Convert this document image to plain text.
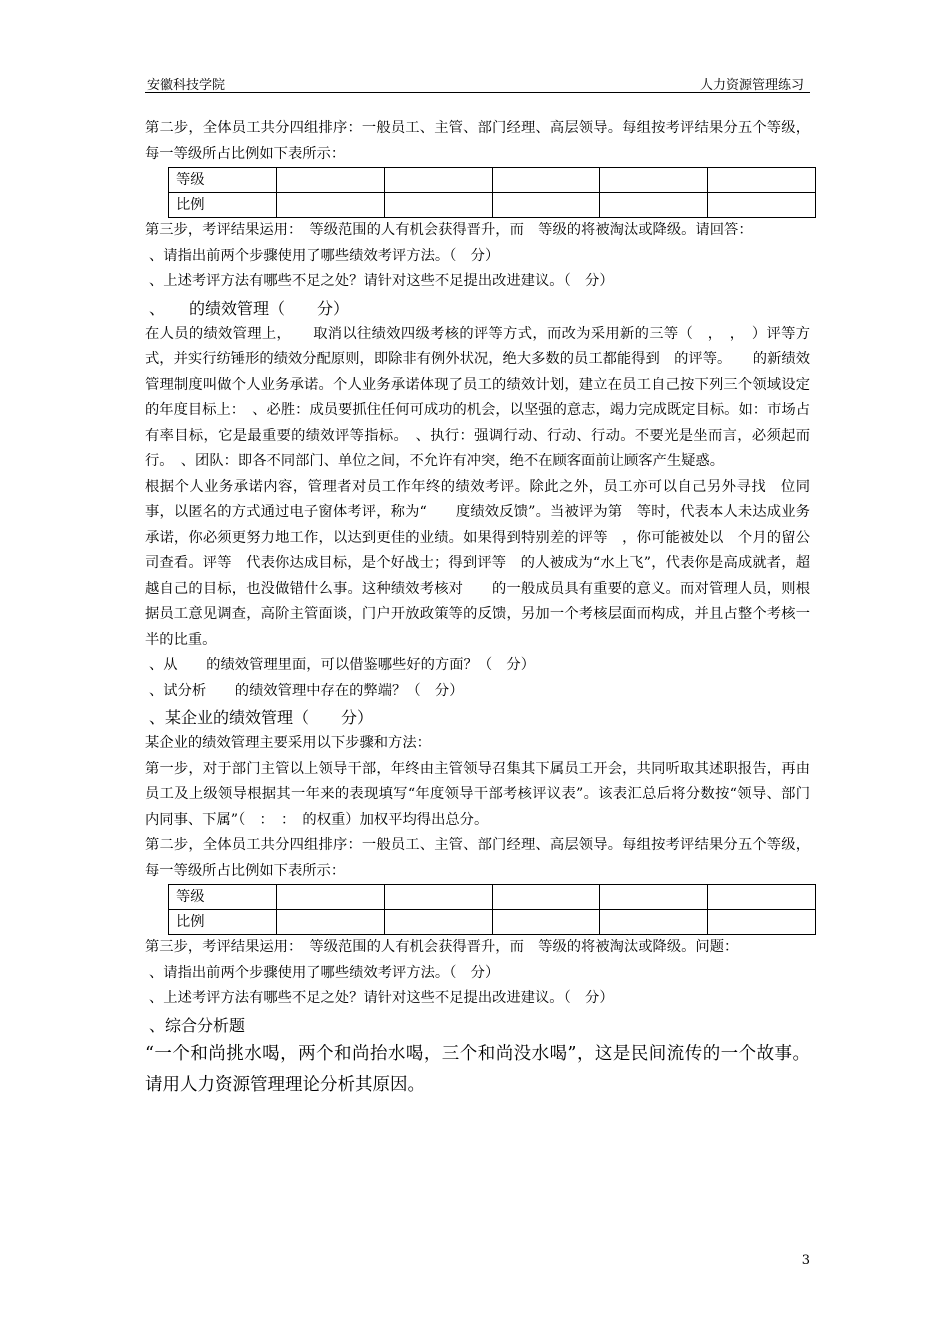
安徽科技学院	人力资源管理练习

第二步，全体员工共分四组排序：一般员工、主管、部门经理、高层领导。每组按考评结果分五个等级，每一等级所占比例如下表所示：

等级					
比例					

第三步，考评结果运用：　等级范围的人有机会获得晋升，而　等级的将被淘汰或降级。请回答：

、请指出前两个步骤使用了哪些绩效考评方法。（　分）

、上述考评方法有哪些不足之处？请针对这些不足提出改进建议。（　分）

、　　的绩效管理（　　分）

在人员的绩效管理上，　　取消以往绩效四级考核的评等方式，而改为采用新的三等（　，　，　）评等方式，并实行纺锤形的绩效分配原则，即除非有例外状况，绝大多数的员工都能得到　的评等。　　的新绩效管理制度叫做个人业务承诺。个人业务承诺体现了员工的绩效计划，建立在员工自己按下列三个领域设定的年度目标上：　、必胜：成员要抓住任何可成功的机会，以坚强的意志，竭力完成既定目标。如：市场占有率目标，它是最重要的绩效评等指标。　、执行：强调行动、行动、行动。不要光是坐而言，必须起而行。　、团队：即各不同部门、单位之间，不允许有冲突，绝不在顾客面前让顾客产生疑惑。

根据个人业务承诺内容，管理者对员工作年终的绩效考评。除此之外，员工亦可以自己另外寻找　位同事，以匿名的方式通过电子窗体考评，称为“　　度绩效反馈”。当被评为第　等时，代表本人未达成业务承诺，你必须更努力地工作，以达到更佳的业绩。如果得到特别差的评等　，你可能被处以　个月的留公司查看。评等　代表你达成目标，是个好战士；得到评等　的人被成为“水上飞”，代表你是高成就者，超越自己的目标，也没做错什么事。这种绩效考核对　　的一般成员具有重要的意义。而对管理人员，则根据员工意见调查，高阶主管面谈，门户开放政策等的反馈，另加一个考核层面而构成，并且占整个考核一半的比重。

、从　　的绩效管理里面，可以借鉴哪些好的方面？（　分）

、试分析　　的绩效管理中存在的弊端？（　分）

、某企业的绩效管理（　　分）

某企业的绩效管理主要采用以下步骤和方法：

第一步，对于部门主管以上领导干部，年终由主管领导召集其下属员工开会，共同听取其述职报告，再由员工及上级领导根据其一年来的表现填写“年度领导干部考核评议表”。该表汇总后将分数按“领导、部门内同事、下属”（　：　：　的权重）加权平均得出总分。

第二步，全体员工共分四组排序：一般员工、主管、部门经理、高层领导。每组按考评结果分五个等级，每一等级所占比例如下表所示：

等级					
比例					

第三步，考评结果运用：　等级范围的人有机会获得晋升，而　等级的将被淘汰或降级。问题：

、请指出前两个步骤使用了哪些绩效考评方法。（　分）

、上述考评方法有哪些不足之处？请针对这些不足提出改进建议。（　分）

、综合分析题

“一个和尚挑水喝，两个和尚抬水喝，三个和尚没水喝”，这是民间流传的一个故事。请用人力资源管理理论分析其原因。

3
